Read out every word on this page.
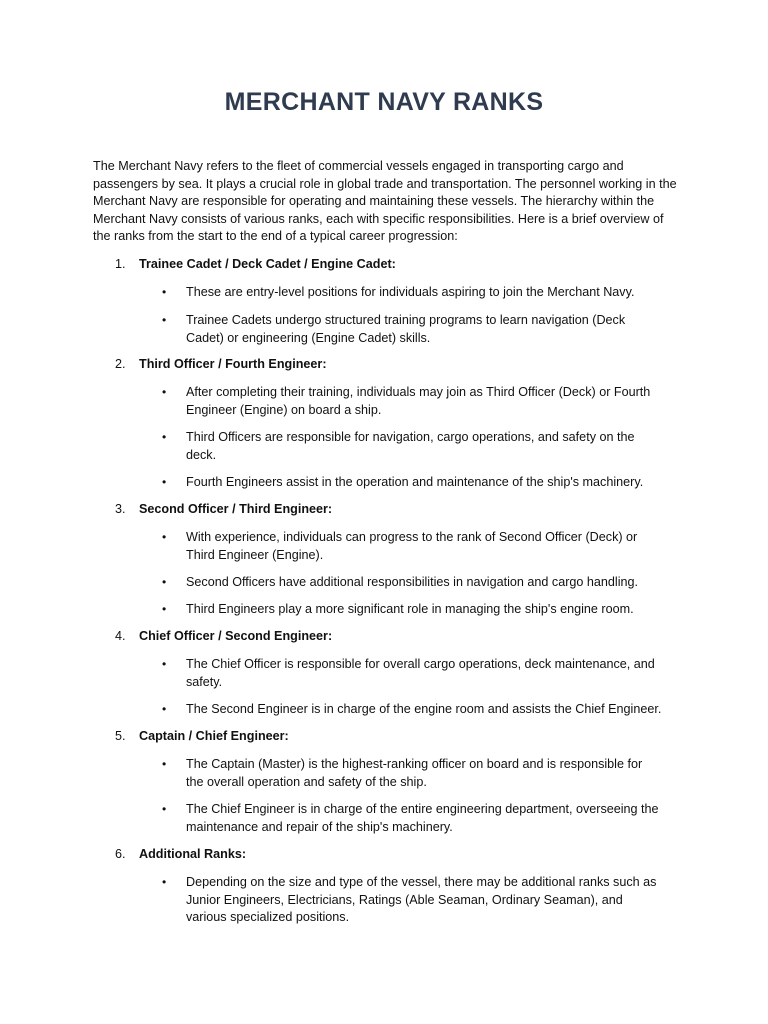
MERCHANT NAVY RANKS

The Merchant Navy refers to the fleet of commercial vessels engaged in transporting cargo and passengers by sea. It plays a crucial role in global trade and transportation. The personnel working in the Merchant Navy are responsible for operating and maintaining these vessels. The hierarchy within the Merchant Navy consists of various ranks, each with specific responsibilities. Here is a brief overview of the ranks from the start to the end of a typical career progression:

1. Trainee Cadet / Deck Cadet / Engine Cadet:
•	These are entry-level positions for individuals aspiring to join the Merchant Navy.
•	Trainee Cadets undergo structured training programs to learn navigation (Deck Cadet) or engineering (Engine Cadet) skills.
2. Third Officer / Fourth Engineer:
•	After completing their training, individuals may join as Third Officer (Deck) or Fourth Engineer (Engine) on board a ship.
•	Third Officers are responsible for navigation, cargo operations, and safety on the deck.
•	Fourth Engineers assist in the operation and maintenance of the ship's machinery.
3. Second Officer / Third Engineer:
•	With experience, individuals can progress to the rank of Second Officer (Deck) or Third Engineer (Engine).
•	Second Officers have additional responsibilities in navigation and cargo handling.
•	Third Engineers play a more significant role in managing the ship's engine room.
4. Chief Officer / Second Engineer:
•	The Chief Officer is responsible for overall cargo operations, deck maintenance, and safety.
•	The Second Engineer is in charge of the engine room and assists the Chief Engineer.
5. Captain / Chief Engineer:
•	The Captain (Master) is the highest-ranking officer on board and is responsible for the overall operation and safety of the ship.
•	The Chief Engineer is in charge of the entire engineering department, overseeing the maintenance and repair of the ship's machinery.
6. Additional Ranks:
•	Depending on the size and type of the vessel, there may be additional ranks such as Junior Engineers, Electricians, Ratings (Able Seaman, Ordinary Seaman), and various specialized positions.
